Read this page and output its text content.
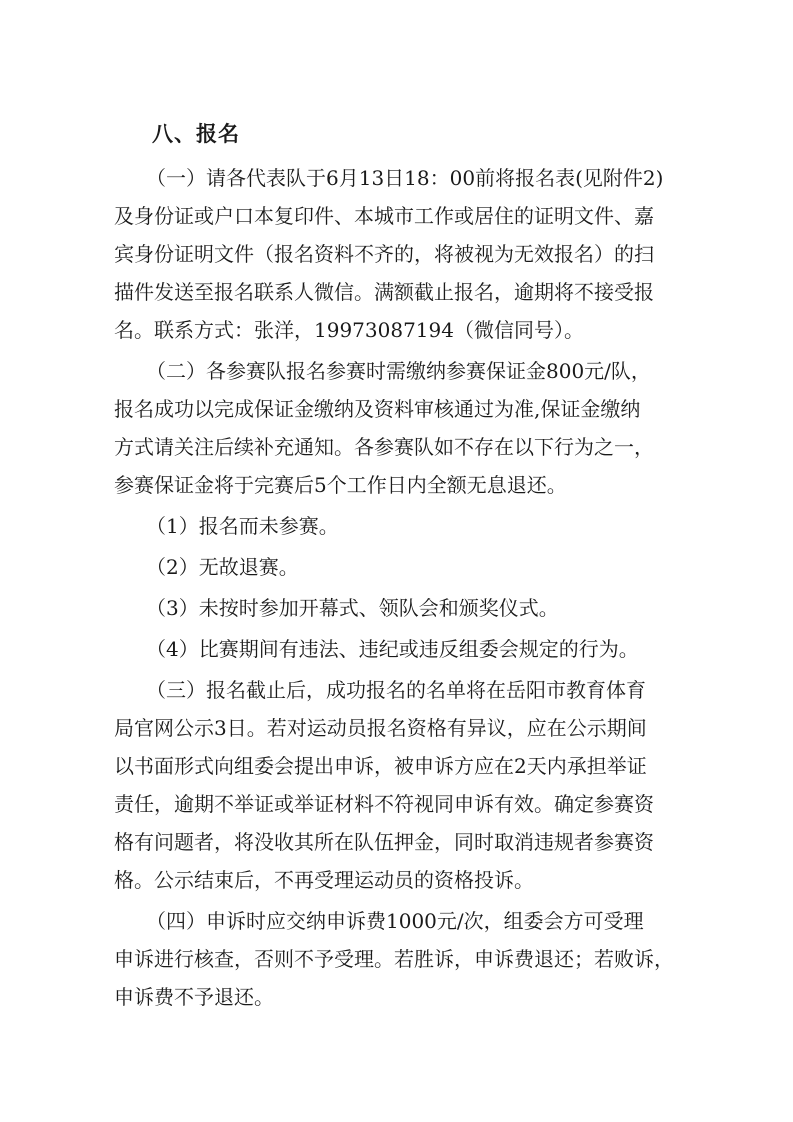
八、报名
（一）请各代表队于6月13日18：00前将报名表(见附件2)
及身份证或户口本复印件、本城市工作或居住的证明文件、嘉
宾身份证明文件（报名资料不齐的，将被视为无效报名）的扫
描件发送至报名联系人微信。满额截止报名，逾期将不接受报
名。联系方式：张洋，19973087194（微信同号）。
（二）各参赛队报名参赛时需缴纳参赛保证金800元/队，
报名成功以完成保证金缴纳及资料审核通过为准,保证金缴纳
方式请关注后续补充通知。各参赛队如不存在以下行为之一，
参赛保证金将于完赛后5个工作日内全额无息退还。
（1）报名而未参赛。
（2）无故退赛。
（3）未按时参加开幕式、领队会和颁奖仪式。
（4）比赛期间有违法、违纪或违反组委会规定的行为。
（三）报名截止后，成功报名的名单将在岳阳市教育体育
局官网公示3日。若对运动员报名资格有异议，应在公示期间
以书面形式向组委会提出申诉，被申诉方应在2天内承担举证
责任，逾期不举证或举证材料不符视同申诉有效。确定参赛资
格有问题者，将没收其所在队伍押金，同时取消违规者参赛资
格。公示结束后，不再受理运动员的资格投诉。
（四）申诉时应交纳申诉费1000元/次，组委会方可受理
申诉进行核查，否则不予受理。若胜诉，申诉费退还；若败诉，
申诉费不予退还。
